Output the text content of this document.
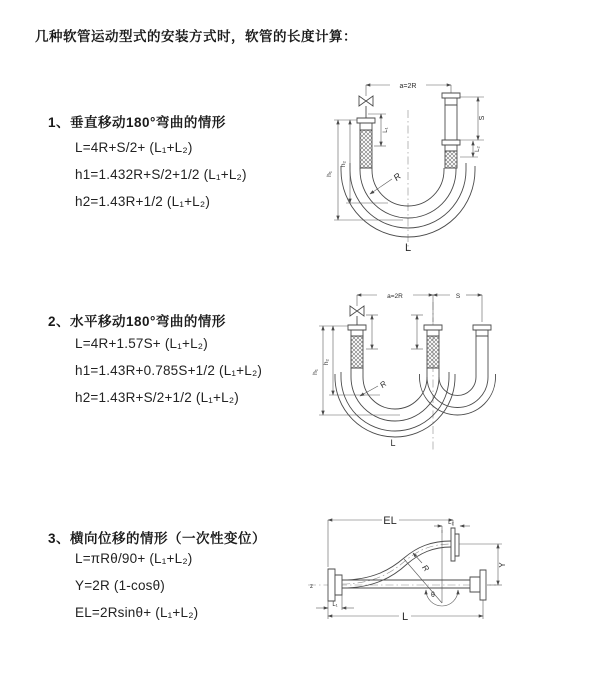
几种软管运动型式的安装方式时，软管的长度计算：
1、垂直移动180°弯曲的情形
L=4R+S/2+ (L₁+L₂)
h1=1.432R+S/2+1/2 (L₁+L₂)
h2=1.43R+1/2 (L₁+L₂)
2、水平移动180°弯曲的情形
L=4R+1.57S+ (L₁+L₂)
h1=1.43R+0.785S+1/2 (L₁+L₂)
h2=1.43R+S/2+1/2 (L₁+L₂)
3、横向位移的情形（一次性变位）
L=πRθ/90+ (L₁+L₂)
Y=2R (1-cosθ)
EL=2Rsinθ+ (L₁+L₂)
a=2R
h₁
h₂
L₁
S
L₂
R
L
a=2R	S
h₁
h₂
R
L
z
EL	L₂
θ
R	Y
L
L₁
